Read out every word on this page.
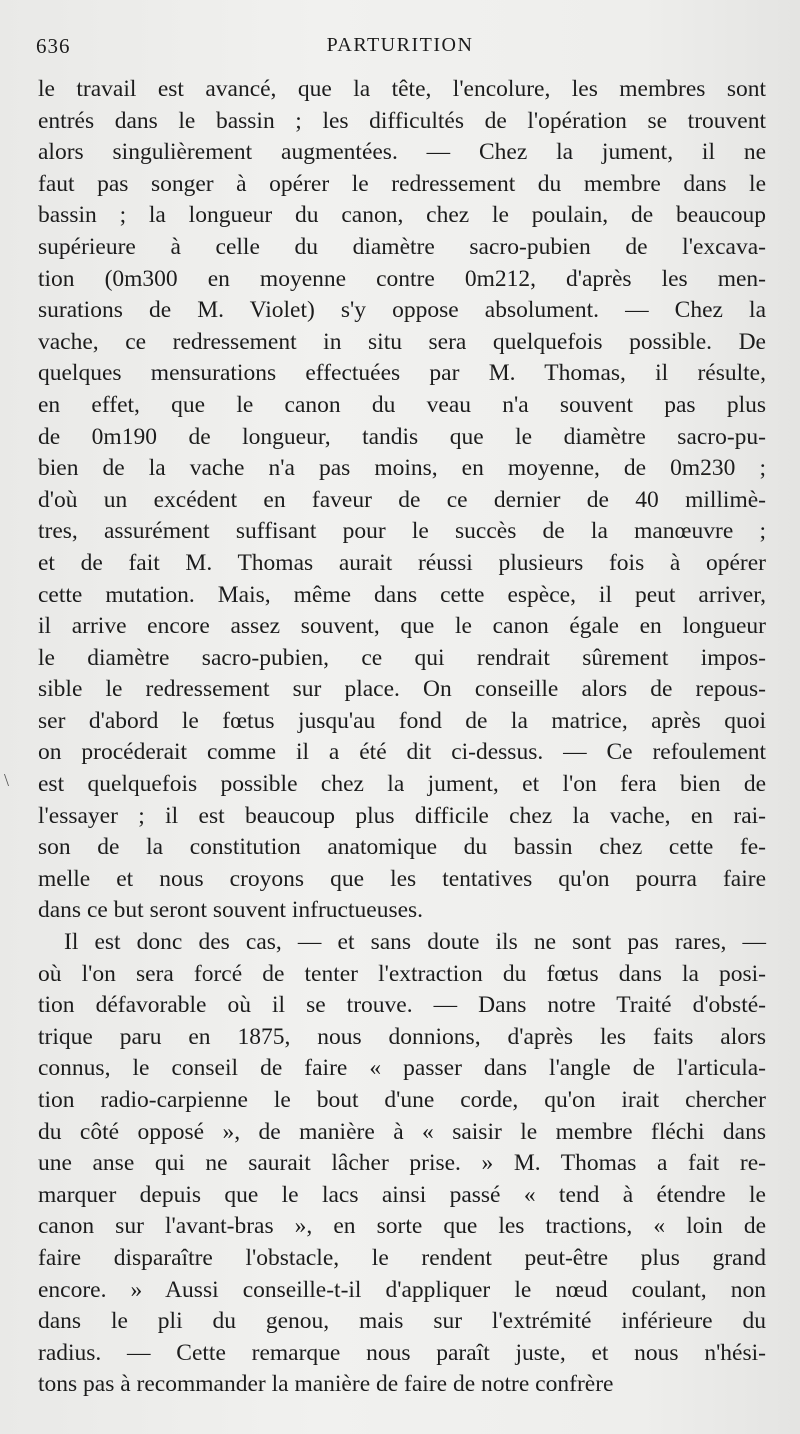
636	PARTURITION
\
le travail est avancé, que la tête, l'encolure, les membres sont
entrés dans le bassin ; les difficultés de l'opération se trouvent
alors singulièrement augmentées. — Chez la jument, il ne
faut pas songer à opérer le redressement du membre dans le
bassin ; la longueur du canon, chez le poulain, de beaucoup
supérieure à celle du diamètre sacro-pubien de l'excava-
tion (0m300 en moyenne contre 0m212, d'après les men-
surations de M. Violet) s'y oppose absolument. — Chez la
vache, ce redressement in situ sera quelquefois possible. De
quelques mensurations effectuées par M. Thomas, il résulte,
en effet, que le canon du veau n'a souvent pas plus
de 0m190 de longueur, tandis que le diamètre sacro-pu-
bien de la vache n'a pas moins, en moyenne, de 0m230 ;
d'où un excédent en faveur de ce dernier de 40 millimè-
tres, assurément suffisant pour le succès de la manœuvre ;
et de fait M. Thomas aurait réussi plusieurs fois à opérer
cette mutation. Mais, même dans cette espèce, il peut arriver,
il arrive encore assez souvent, que le canon égale en longueur
le diamètre sacro-pubien, ce qui rendrait sûrement impos-
sible le redressement sur place. On conseille alors de repous-
ser d'abord le fœtus jusqu'au fond de la matrice, après quoi
on procéderait comme il a été dit ci-dessus. — Ce refoulement
est quelquefois possible chez la jument, et l'on fera bien de
l'essayer ; il est beaucoup plus difficile chez la vache, en rai-
son de la constitution anatomique du bassin chez cette fe-
melle et nous croyons que les tentatives qu'on pourra faire
dans ce but seront souvent infructueuses.
Il est donc des cas, — et sans doute ils ne sont pas rares, —
où l'on sera forcé de tenter l'extraction du fœtus dans la posi-
tion défavorable où il se trouve. — Dans notre Traité d'obsté-
trique paru en 1875, nous donnions, d'après les faits alors
connus, le conseil de faire « passer dans l'angle de l'articula-
tion radio-carpienne le bout d'une corde, qu'on irait chercher
du côté opposé », de manière à « saisir le membre fléchi dans
une anse qui ne saurait lâcher prise. » M. Thomas a fait re-
marquer depuis que le lacs ainsi passé « tend à étendre le
canon sur l'avant-bras », en sorte que les tractions, « loin de
faire disparaître l'obstacle, le rendent peut-être plus grand
encore. » Aussi conseille-t-il d'appliquer le nœud coulant, non
dans le pli du genou, mais sur l'extrémité inférieure du
radius. — Cette remarque nous paraît juste, et nous n'hési-
tons pas à recommander la manière de faire de notre confrère
